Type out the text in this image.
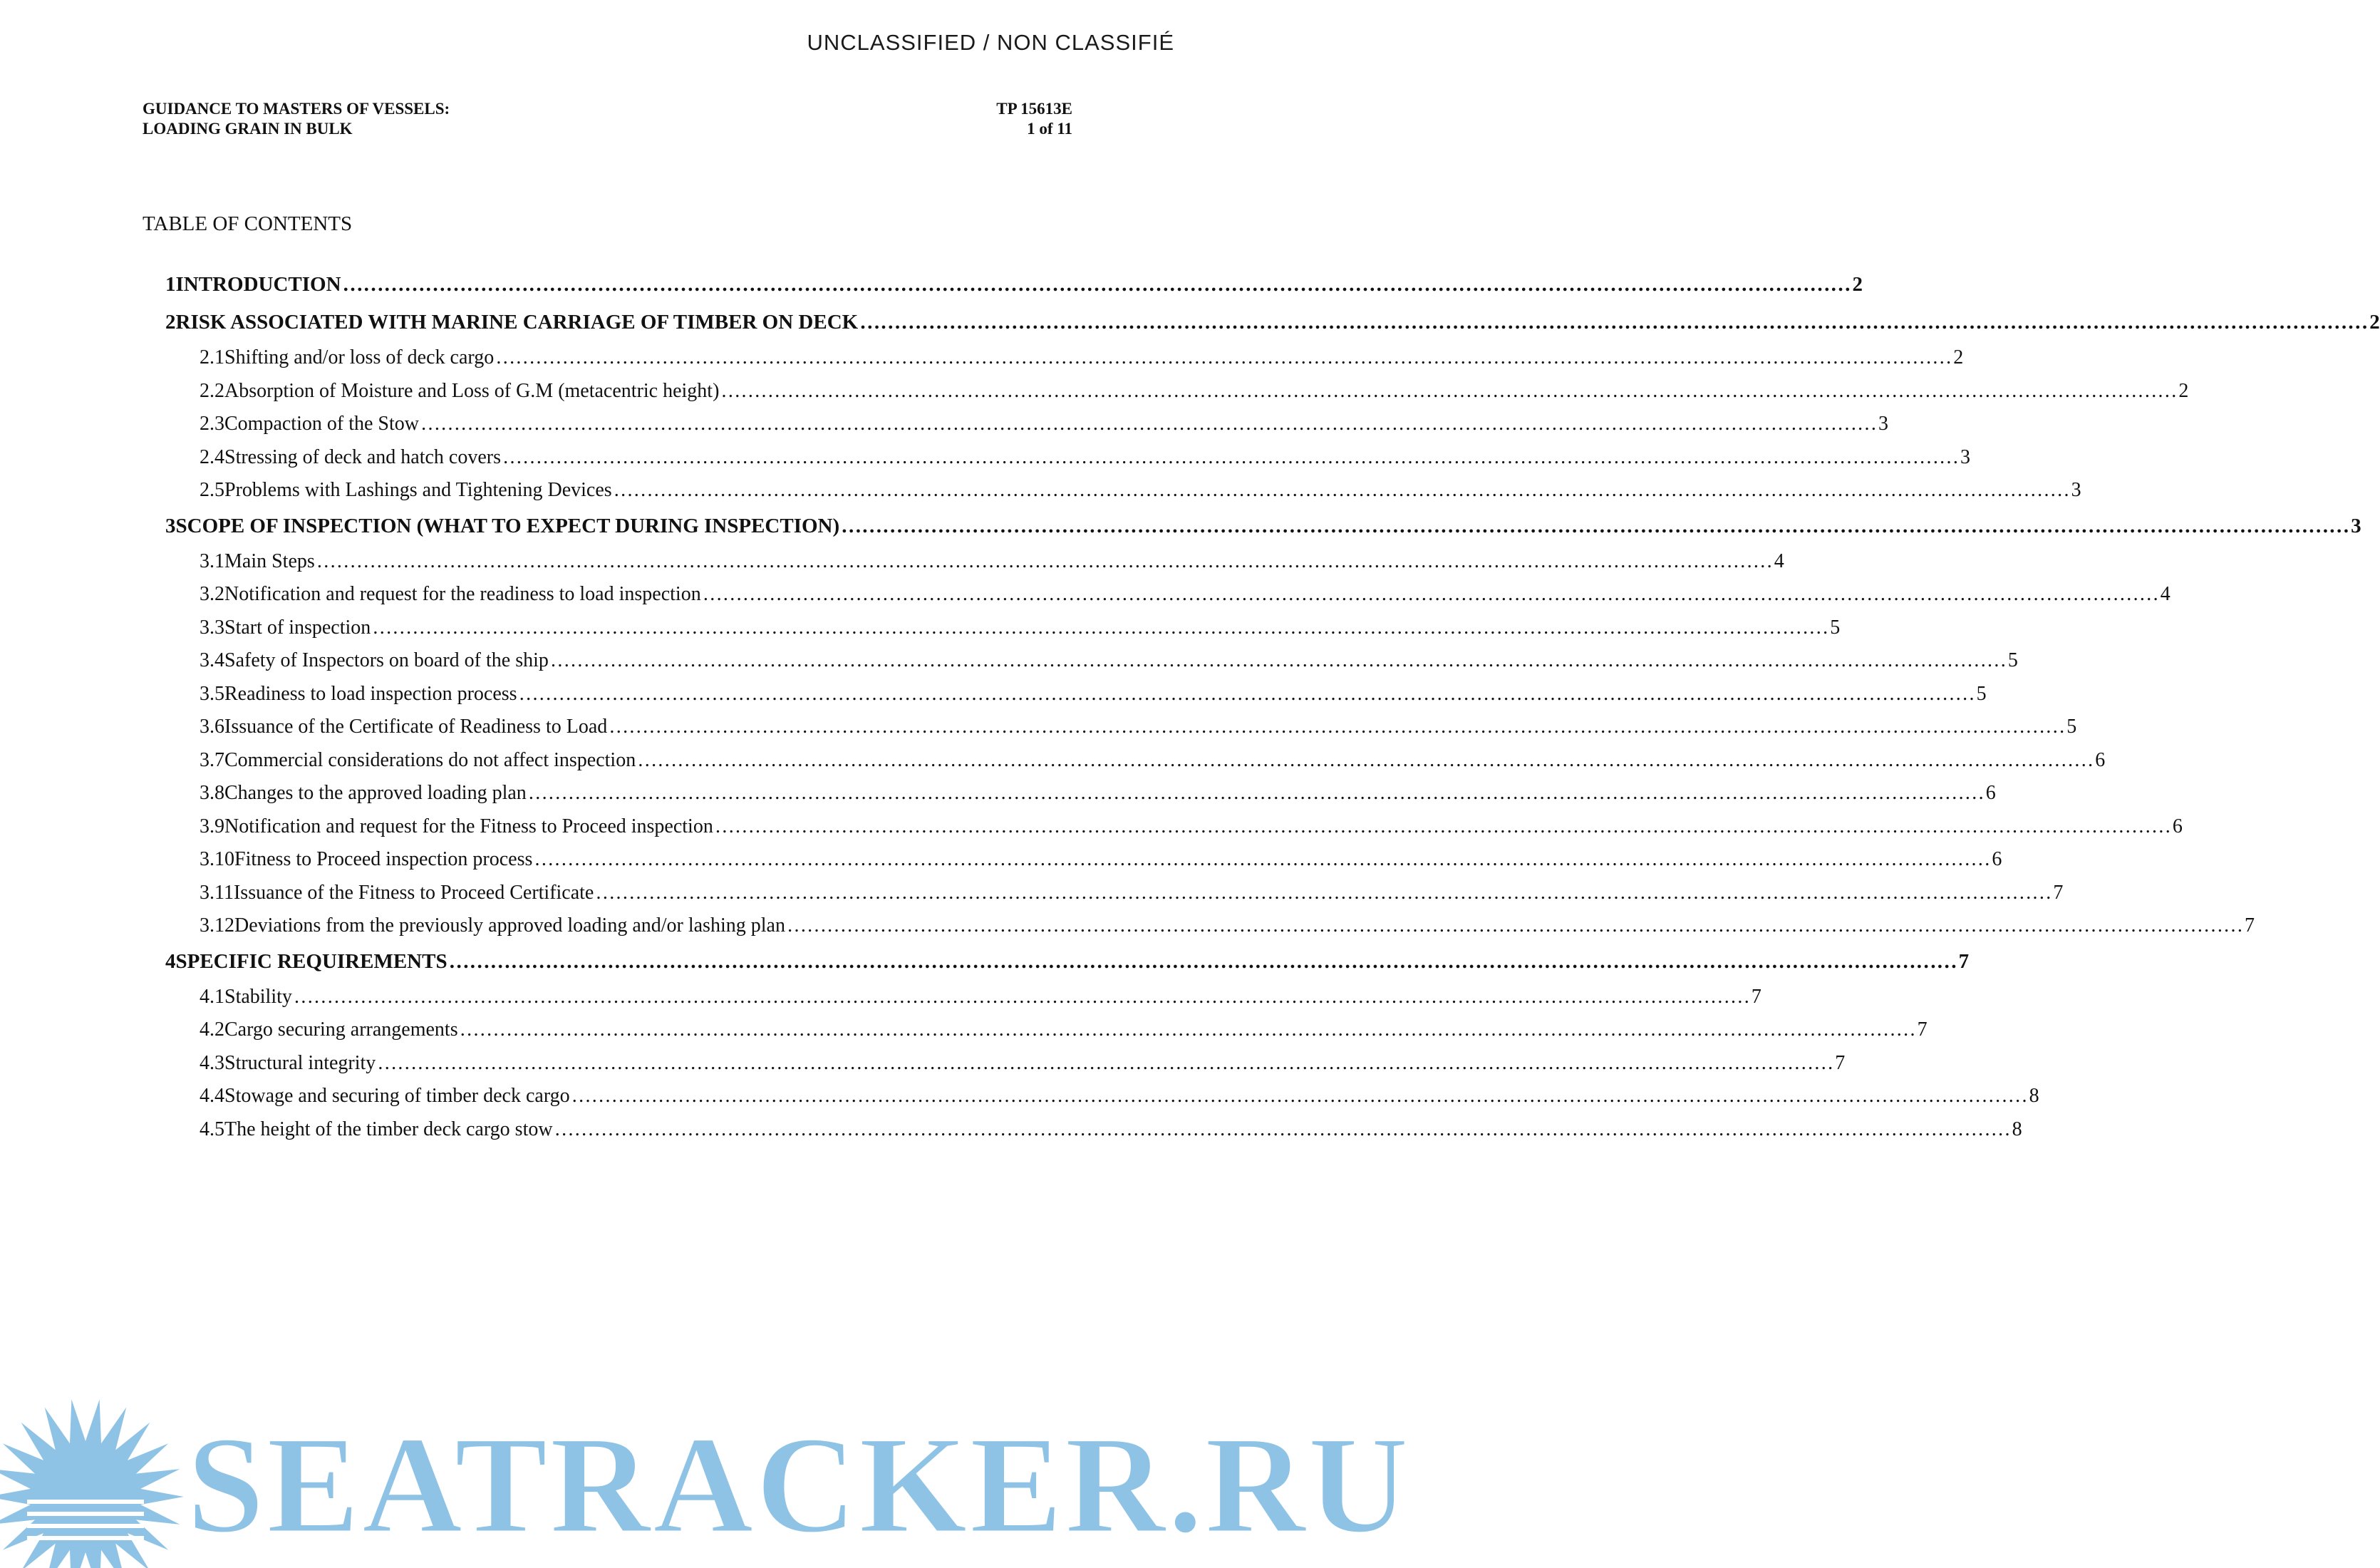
UNCLASSIFIED / NON CLASSIFIÉ
GUIDANCE TO MASTERS OF VESSELS:
LOADING GRAIN IN BULK
TP 15613E
1 of 11
TABLE OF CONTENTS
1 INTRODUCTION …………………………………………………………………………………………………………………………………………………………………………………………………	2
2 RISK ASSOCIATED WITH MARINE CARRIAGE OF TIMBER ON DECK …………………………………………………………………………………………………………………………………………………………………………………………………	2
2.1 Shifting and/or loss of deck cargo …………………………………………………………………………………………………………………………………………………………………………………………………	2
2.2 Absorption of Moisture and Loss of G.M (metacentric height) …………………………………………………………………………………………………………………………………………………………………………………………………	2
2.3 Compaction of the Stow …………………………………………………………………………………………………………………………………………………………………………………………………	3
2.4 Stressing of deck and hatch covers …………………………………………………………………………………………………………………………………………………………………………………………………	3
2.5 Problems with Lashings and Tightening Devices …………………………………………………………………………………………………………………………………………………………………………………………………	3
3 SCOPE OF INSPECTION (WHAT TO EXPECT DURING INSPECTION) …………………………………………………………………………………………………………………………………………………………………………………………………	3
3.1 Main Steps …………………………………………………………………………………………………………………………………………………………………………………………………	4
3.2 Notification and request for the readiness to load inspection …………………………………………………………………………………………………………………………………………………………………………………………………	4
3.3 Start of inspection …………………………………………………………………………………………………………………………………………………………………………………………………	5
3.4 Safety of Inspectors on board of the ship …………………………………………………………………………………………………………………………………………………………………………………………………	5
3.5 Readiness to load inspection process …………………………………………………………………………………………………………………………………………………………………………………………………	5
3.6 Issuance of the Certificate of Readiness to Load …………………………………………………………………………………………………………………………………………………………………………………………………	5
3.7 Commercial considerations do not affect inspection …………………………………………………………………………………………………………………………………………………………………………………………………	6
3.8 Changes to the approved loading plan …………………………………………………………………………………………………………………………………………………………………………………………………	6
3.9 Notification and request for the Fitness to Proceed inspection …………………………………………………………………………………………………………………………………………………………………………………………………	6
3.10 Fitness to Proceed inspection process …………………………………………………………………………………………………………………………………………………………………………………………………	6
3.11 Issuance of the Fitness to Proceed Certificate …………………………………………………………………………………………………………………………………………………………………………………………………	7
3.12 Deviations from the previously approved loading and/or lashing plan …………………………………………………………………………………………………………………………………………………………………………………………………	7
4 SPECIFIC REQUIREMENTS …………………………………………………………………………………………………………………………………………………………………………………………………	7
4.1 Stability …………………………………………………………………………………………………………………………………………………………………………………………………	7
4.2 Cargo securing arrangements …………………………………………………………………………………………………………………………………………………………………………………………………	7
4.3 Structural integrity …………………………………………………………………………………………………………………………………………………………………………………………………	7
4.4 Stowage and securing of timber deck cargo …………………………………………………………………………………………………………………………………………………………………………………………………	8
4.5 The height of the timber deck cargo stow …………………………………………………………………………………………………………………………………………………………………………………………………	8
SEATRACKER.RU
